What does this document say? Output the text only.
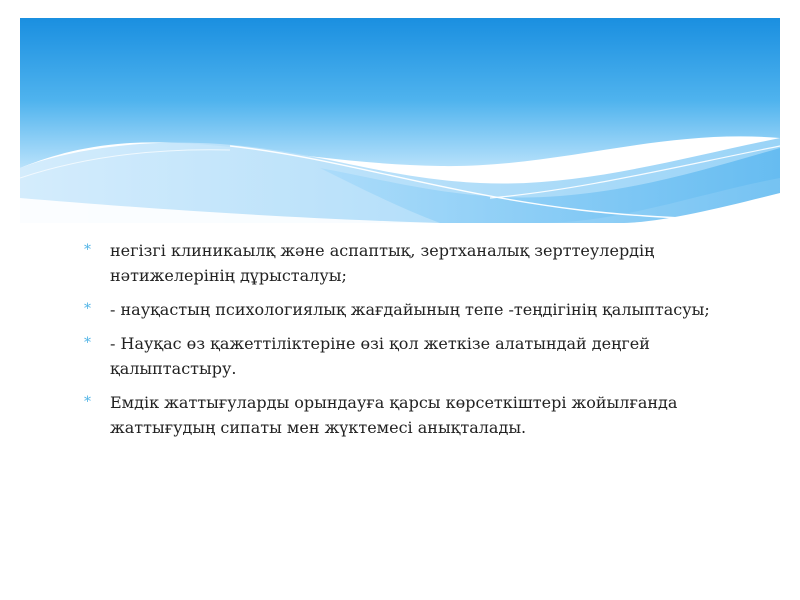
*	негізгі клиникаылқ және аспаптық, зертханалық зерттеулердің нәтижелерінің дұрысталуы;
*	- науқастың психологиялық жағдайының тепе -теңдігінің қалыптасуы;
*	- Науқас өз қажеттіліктеріне өзі қол жеткізе алатындай деңгей қалыптастыру.
*	Емдік жаттығуларды орындауға қарсы көрсеткіштері жойылғанда жаттығудың сипаты мен жүктемесі анықталады.
